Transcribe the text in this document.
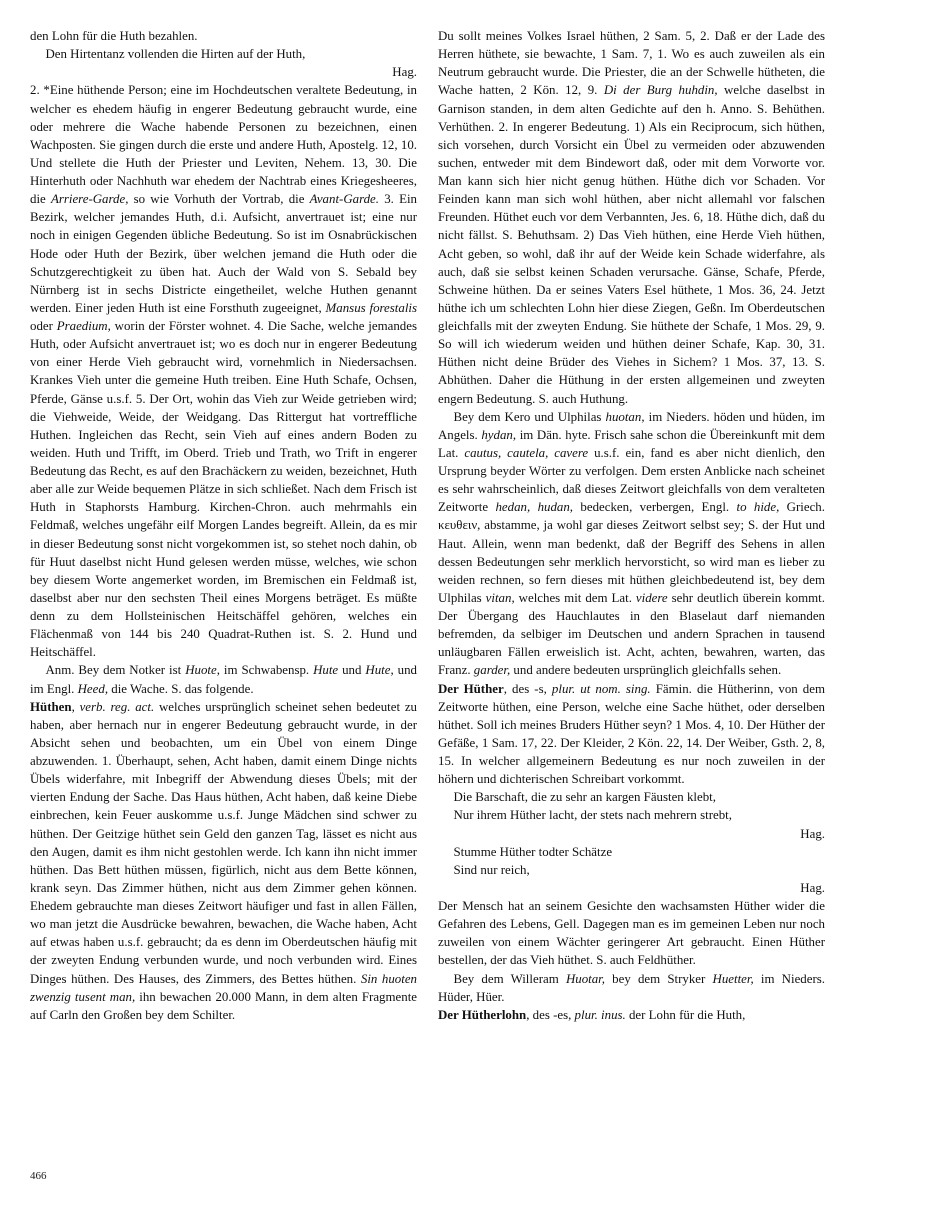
den Lohn für die Huth bezahlen.

Den Hirtentanz vollenden die Hirten auf der Huth,

Hag.

2. *Eine hüthende Person; eine im Hochdeutschen veraltete Bedeutung, in welcher es ehedem häufig in engerer Bedeutung gebraucht wurde, eine oder mehrere die Wache habende Personen zu bezeichnen, einen Wachposten. Sie gingen durch die erste und andere Huth, Apostelg. 12, 10. Und stellete die Huth der Priester und Leviten, Nehem. 13, 30. Die Hinterhuth oder Nachhuth war ehedem der Nachtrab eines Kriegesheeres, die Arriere-Garde, so wie Vorhuth der Vortrab, die Avant-Garde. 3. Ein Bezirk, welcher jemandes Huth, d.i. Aufsicht, anvertrauet ist; eine nur noch in einigen Gegenden übliche Bedeutung. So ist im Osnabrückischen Hode oder Huth der Bezirk, über welchen jemand die Huth oder die Schutzgerechtigkeit zu üben hat. Auch der Wald von S. Sebald bey Nürnberg ist in sechs Districte eingetheilet, welche Huthen genannt werden. Einer jeden Huth ist eine Forsthuth zugeeignet, Mansus forestalis oder Praedium, worin der Förster wohnet. 4. Die Sache, welche jemandes Huth, oder Aufsicht anvertrauet ist; wo es doch nur in engerer Bedeutung von einer Herde Vieh gebraucht wird, vornehmlich in Niedersachsen. Krankes Vieh unter die gemeine Huth treiben. Eine Huth Schafe, Ochsen, Pferde, Gänse u.s.f. 5. Der Ort, wohin das Vieh zur Weide getrieben wird; die Viehweide, Weide, der Weidgang. Das Rittergut hat vortreffliche Huthen. Ingleichen das Recht, sein Vieh auf eines andern Boden zu weiden. Huth und Trifft, im Oberd. Trieb und Trath, wo Trift in engerer Bedeutung das Recht, es auf den Brachäckern zu weiden, bezeichnet, Huth aber alle zur Weide bequemen Plätze in sich schließet. Nach dem Frisch ist Huth in Staphorsts Hamburg. Kirchen-Chron. auch mehrmahls ein Feldmaß, welches ungefähr eilf Morgen Landes begreift. Allein, da es mir in dieser Bedeutung sonst nicht vorgekommen ist, so stehet noch dahin, ob für Huut daselbst nicht Hund gelesen werden müsse, welches, wie schon bey diesem Worte angemerket worden, im Bremischen ein Feldmaß ist, daselbst aber nur den sechsten Theil eines Morgens beträget. Es müßte denn zu dem Hollsteinischen Heitschäffel gehören, welches ein Flächenmaß von 144 bis 240 Quadrat-Ruthen ist. S. 2. Hund und Heitschäffel.

Anm. Bey dem Notker ist Huote, im Schwabensp. Hute und Hute, und im Engl. Heed, die Wache. S. das folgende.

Hüthen, verb. reg. act. welches ursprünglich scheinet sehen bedeutet zu haben, aber hernach nur in engerer Bedeutung gebraucht wurde, in der Absicht sehen und beobachten, um ein Übel von einem Dinge abzuwenden. 1. Überhaupt, sehen, Acht haben, damit einem Dinge nichts Übels widerfahre, mit Inbegriff der Abwendung dieses Übels; mit der vierten Endung der Sache. Das Haus hüthen, Acht haben, daß keine Diebe einbrechen, kein Feuer auskomme u.s.f. Junge Mädchen sind schwer zu hüthen. Der Geitzige hüthet sein Geld den ganzen Tag, lässet es nicht aus den Augen, damit es ihm nicht gestohlen werde. Ich kann ihn nicht immer hüthen. Das Bett hüthen müssen, figürlich, nicht aus dem Bette können, krank seyn. Das Zimmer hüthen, nicht aus dem Zimmer gehen können. Ehedem gebrauchte man dieses Zeitwort häufiger und fast in allen Fällen, wo man jetzt die Ausdrücke bewahren, bewachen, die Wache haben, Acht auf etwas haben u.s.f. gebraucht; da es denn im Oberdeutschen häufig mit der zweyten Endung verbunden wurde, und noch verbunden wird. Eines Dinges hüthen. Des Hauses, des Zimmers, des Bettes hüthen. Sin huoten zwenzig tusent man, ihn bewachen 20.000 Mann, in dem alten Fragmente auf Carln den Großen bey dem Schilter.

Du sollt meines Volkes Israel hüthen, 2 Sam. 5, 2. Daß er der Lade des Herren hüthete, sie bewachte, 1 Sam. 7, 1. Wo es auch zuweilen als ein Neutrum gebraucht wurde. Die Priester, die an der Schwelle hütheten, die Wache hatten, 2 Kön. 12, 9. Di der Burg huhdin, welche daselbst in Garnison standen, in dem alten Gedichte auf den h. Anno. S. Behüthen. Verhüthen. 2. In engerer Bedeutung. 1) Als ein Reciprocum, sich hüthen, sich vorsehen, durch Vorsicht ein Übel zu vermeiden oder abzuwenden suchen, entweder mit dem Bindewort daß, oder mit dem Vorworte vor. Man kann sich hier nicht genug hüthen. Hüthe dich vor Schaden. Vor Feinden kann man sich wohl hüthen, aber nicht allemahl vor falschen Freunden. Hüthet euch vor dem Verbannten, Jes. 6, 18. Hüthe dich, daß du nicht fällst. S. Behuthsam. 2) Das Vieh hüthen, eine Herde Vieh hüthen, Acht geben, so wohl, daß ihr auf der Weide kein Schade widerfahre, als auch, daß sie selbst keinen Schaden verursache. Gänse, Schafe, Pferde, Schweine hüthen. Da er seines Vaters Esel hüthete, 1 Mos. 36, 24. Jetzt hüthe ich um schlechten Lohn hier diese Ziegen, Geßn. Im Oberdeutschen gleichfalls mit der zweyten Endung. Sie hüthete der Schafe, 1 Mos. 29, 9. So will ich wiederum weiden und hüthen deiner Schafe, Kap. 30, 31. Hüthen nicht deine Brüder des Viehes in Sichem? 1 Mos. 37, 13. S. Abhüthen. Daher die Hüthung in der ersten allgemeinen und zweyten engern Bedeutung. S. auch Huthung.

Bey dem Kero und Ulphilas huotan, im Nieders. höden und hüden, im Angels. hydan, im Dän. hyte. Frisch sahe schon die Übereinkunft mit dem Lat. cautus, cautela, cavere u.s.f. ein, fand es aber nicht dienlich, den Ursprung beyder Wörter zu verfolgen. Dem ersten Anblicke nach scheinet es sehr wahrscheinlich, daß dieses Zeitwort gleichfalls von dem veralteten Zeitworte hedan, hudan, bedecken, verbergen, Engl. to hide, Griech. κευθειν, abstamme, ja wohl gar dieses Zeitwort selbst sey; S. der Hut und Haut. Allein, wenn man bedenkt, daß der Begriff des Sehens in allen dessen Bedeutungen sehr merklich hervorsticht, so wird man es lieber zu weiden rechnen, so fern dieses mit hüthen gleichbedeutend ist, bey dem Ulphilas vitan, welches mit dem Lat. videre sehr deutlich überein kommt. Der Übergang des Hauchlautes in den Blaselaut darf niemanden befremden, da selbiger im Deutschen und andern Sprachen in tausend unläugbaren Fällen erweislich ist. Acht, achten, bewahren, warten, das Franz. garder, und andere bedeuten ursprünglich gleichfalls sehen.

Der Hüther, des -s, plur. ut nom. sing. Fämin. die Hütherinn, von dem Zeitworte hüthen, eine Person, welche eine Sache hüthet, oder derselben hüthet. Soll ich meines Bruders Hüther seyn? 1 Mos. 4, 10. Der Hüther der Gefäße, 1 Sam. 17, 22. Der Kleider, 2 Kön. 22, 14. Der Weiber, Gsth. 2, 8, 15. In welcher allgemeinern Bedeutung es nur noch zuweilen in der höhern und dichterischen Schreibart vorkommt.

Die Barschaft, die zu sehr an kargen Fäusten klebt,

Nur ihrem Hüther lacht, der stets nach mehrern strebt,

Hag.

Stumme Hüther todter Schätze

Sind nur reich,

Hag.

Der Mensch hat an seinem Gesichte den wachsamsten Hüther wider die Gefahren des Lebens, Gell. Dagegen man es im gemeinen Leben nur noch zuweilen von einem Wächter geringerer Art gebraucht. Einen Hüther bestellen, der das Vieh hüthet. S. auch Feldhüther.

Bey dem Willeram Huotar, bey dem Stryker Huetter, im Nieders. Hüder, Hüer.

Der Hütherlohn, des -es, plur. inus. der Lohn für die Huth,

466
